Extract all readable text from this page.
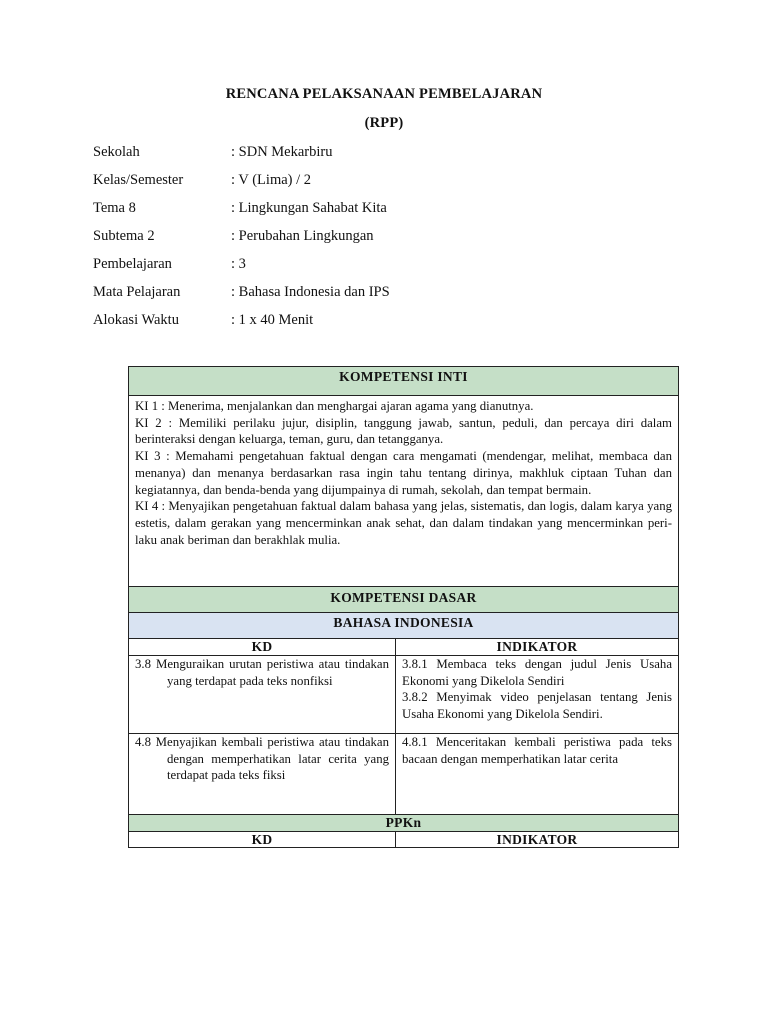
RENCANA PELAKSANAAN PEMBELAJARAN
(RPP)
Sekolah	: SDN Mekarbiru
Kelas/Semester	: V (Lima) / 2
Tema 8	: Lingkungan Sahabat Kita
Subtema 2	: Perubahan Lingkungan
Pembelajaran	: 3
Mata Pelajaran	: Bahasa Indonesia dan IPS
Alokasi Waktu	: 1 x 40 Menit
KOMPETENSI INTI	

KI 1 : Menerima, menjalankan dan menghargai ajaran agama yang dianutnya.

KI 2 : Memiliki perilaku jujur, disiplin, tanggung jawab, santun, peduli, dan percaya diri dalam berinteraksi dengan keluarga, teman, guru, dan tetangganya.

KI 3 : Memahami pengetahuan faktual dengan cara mengamati (mendengar, melihat, membaca dan menanya) dan menanya berdasarkan rasa ingin tahu tentang dirinya, makhluk ciptaan Tuhan dan kegiatannya, dan benda-benda yang dijumpainya di rumah, sekolah, dan tempat bermain.

KI 4 : Menyajikan pengetahuan faktual dalam bahasa yang jelas, sistematis, dan logis, dalam karya yang estetis, dalam gerakan yang mencerminkan anak sehat, dan dalam tindakan yang mencerminkan peri-laku anak beriman dan berakhlak mulia.	

KOMPETENSI DASAR	
BAHASA INDONESIA	
KD	INDIKATOR

3.8 Menguraikan urutan peristiwa atau tindakan yang terdapat pada teks nonfiksi	3.8.1 Membaca teks dengan judul Jenis Usaha Ekonomi yang Dikelola Sendiri

3.8.2 Menyimak video penjelasan tentang Jenis Usaha Ekonomi yang Dikelola Sendiri.

4.8 Menyajikan kembali peristiwa atau tindakan dengan memperhatikan latar cerita yang terdapat pada teks fiksi	4.8.1 Menceritakan kembali peristiwa pada teks bacaan dengan memperhatikan latar cerita

PPKn	
KD	INDIKATOR
